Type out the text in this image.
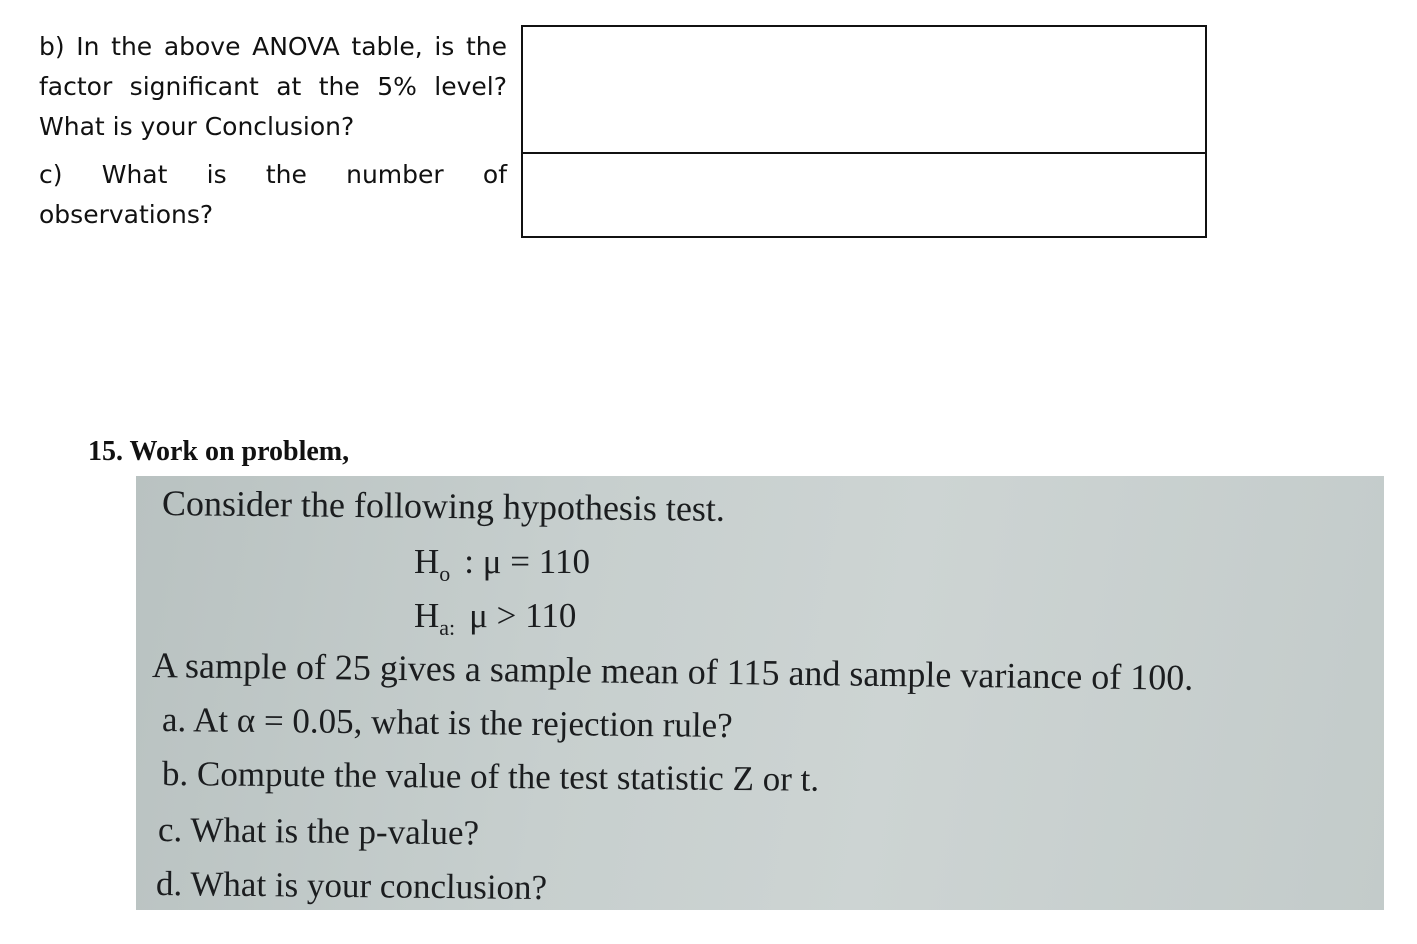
b) In the above ANOVA table, is the
factor significant at the 5% level?
What is your Conclusion?
c) What is the number of
observations?
15. Work on problem,
Consider the following hypothesis test.
$H_o$ : μ = 110
$H_{a:}$ μ > 110
A sample of 25 gives a sample mean of 115 and sample variance of 100.
a. At α = 0.05, what is the rejection rule?
b. Compute the value of the test statistic Z or t.
c. What is the p-value?
d. What is your conclusion?
